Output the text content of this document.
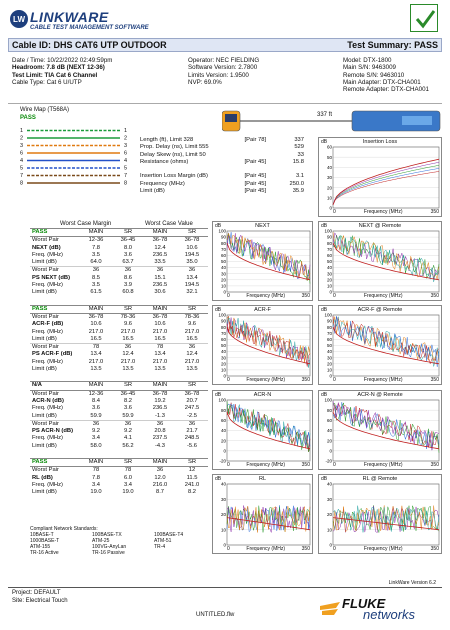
LW LINKWARE
CABLE TEST MANAGEMENT SOFTWARE
Cable ID: DHS CAT6 UTP OUTDOOR	Test Summary: PASS
Date / Time: 10/22/2022 02:49:59pm
Headroom: 7.8 dB (NEXT 12-36)
Test Limit: TIA Cat 6 Channel
Cable Type: Cat 6 U/UTP
Operator: NEC FIELDING
Software Version: 2.7800
Limits Version: 1.9500
NVP: 69.0%
Model: DTX-1800
Main S/N: 9463009
Remote S/N: 9463010
Main Adapter: DTX-CHA001
Remote Adapter: DTX-CHA001
Wire Map (T568A)
PASS
1
2
3
6
4
5
7
8
1
2
3
6
4
5
7
8
337 ft
Length (ft), Limit 328	[Pair 78]	337
Prop. Delay (ns), Limit 555		529
Delay Skew (ns), Limit 50		33
Resistance (ohms)	[Pair 45]	15.8

Insertion Loss Margin (dB)	[Pair 45]	3.1
Frequency (MHz)	[Pair 45]	250.0
Limit (dB)	[Pair 45]	35.9
Worst Case Margin	Worst Case Value
PASS	MAIN	SR	MAIN	SR
Worst Pair	12-36	36-45	36-78	36-78
NEXT (dB)	7.8	8.0	12.4	10.6
Freq. (MHz)	3.5	3.6	236.5	194.5
Limit (dB)	64.0	63.7	33.5	35.0
Worst Pair	36	36	36	36
PS NEXT (dB)	8.5	8.6	15.1	13.4
Freq. (MHz)	3.5	3.9	236.5	194.5
Limit (dB)	61.5	60.8	30.6	32.1
PASS	MAIN	SR	MAIN	SR
Worst Pair	36-78	78-36	36-78	78-36
ACR-F (dB)	10.6	9.6	10.6	9.6
Freq. (MHz)	217.0	217.0	217.0	217.0
Limit (dB)	16.5	16.5	16.5	16.5
Worst Pair	78	36	78	36
PS ACR-F (dB)	13.4	12.4	13.4	12.4
Freq. (MHz)	217.0	217.0	217.0	217.0
Limit (dB)	13.5	13.5	13.5	13.5
N/A	MAIN	SR	MAIN	SR
Worst Pair	12-36	36-45	36-78	36-78
ACR-N (dB)	8.4	8.2	19.2	20.7
Freq. (MHz)	3.6	3.6	236.5	247.5
Limit (dB)	59.9	59.9	-1.3	-2.5
Worst Pair	36	36	36	36
PS ACR-N (dB)	9.2	9.2	20.8	21.7
Freq. (MHz)	3.4	4.1	237.5	248.5
Limit (dB)	58.0	56.2	-4.3	-5.6
PASS	MAIN	SR	MAIN	SR
Worst Pair	78	78	36	12
RL (dB)	7.8	6.0	12.0	11.5
Freq. (MHz)	3.4	3.4	216.0	241.0
Limit (dB)	19.0	19.0	8.7	8.2
Compliant Network Standards:
10BASE-T	100BASE-TX	100BASE-T4
1000BASE-T	ATM-25	ATM-51
ATM-155	100VG-AnyLan	TR-4
TR-16 Active	TR-16 Passive
60
50
40
30
20
10
0
Insertion Loss
dB
0	Frequency (MHz)	350
100
90
80
70
60
50
40
30
20
10
0
NEXT
dB
0	Frequency (MHz)	350
100
90
80
70
60
50
40
30
20
10
0
NEXT @ Remote
dB
0	Frequency (MHz)	350
100
90
80
70
60
50
40
30
20
10
0
ACR-F
dB
0	Frequency (MHz)	350
100
90
80
70
60
50
40
30
20
10
0
ACR-F @ Remote
dB
0	Frequency (MHz)	350
100
80
60
40
20
0
-20
ACR-N
dB
0	Frequency (MHz)	350
100
80
60
40
20
0
-20
ACR-N @ Remote
dB
0	Frequency (MHz)	350
40
30
20
10
0
RL
dB
0	Frequency (MHz)	350
40
30
20
10
0
RL @ Remote
dB
0	Frequency (MHz)	350
LinkWare Version 6.2
Project: DEFAULT
Site: Electrical Touch
UNTITLED.flw
FLUKE
networks
